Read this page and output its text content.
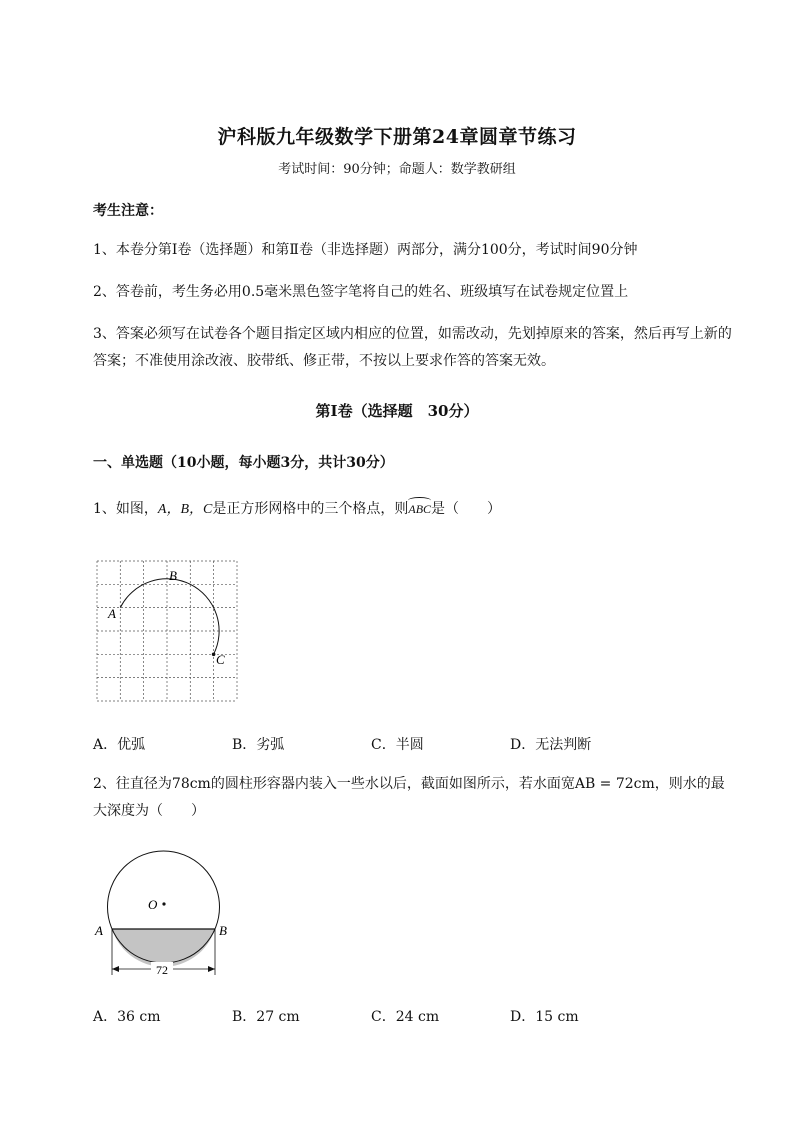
沪科版九年级数学下册第24章圆章节练习
考试时间：90分钟；命题人：数学教研组
考生注意：
1、本卷分第I卷（选择题）和第Ⅱ卷（非选择题）两部分，满分100分，考试时间90分钟
2、答卷前，考生务必用0.5毫米黑色签字笔将自己的姓名、班级填写在试卷规定位置上
3、答案必须写在试卷各个题目指定区域内相应的位置，如需改动，先划掉原来的答案，然后再写上新的答案；不准使用涂改液、胶带纸、修正带，不按以上要求作答的答案无效。
第I卷（选择题　30分）
一、单选题（10小题，每小题3分，共计30分）
1、如图，A，B，C是正方形网格中的三个格点，则
ABC是（　　）
A
B
C
A．优弧	B．劣弧	C．半圆	D．无法判断
2、往直径为78cm的圆柱形容器内装入一些水以后，截面如图所示，若水面宽AB = 72cm，则水的最
大深度为（　　）
O
A	B
72
A．36 cm	B．27 cm	C．24 cm	D．15 cm
